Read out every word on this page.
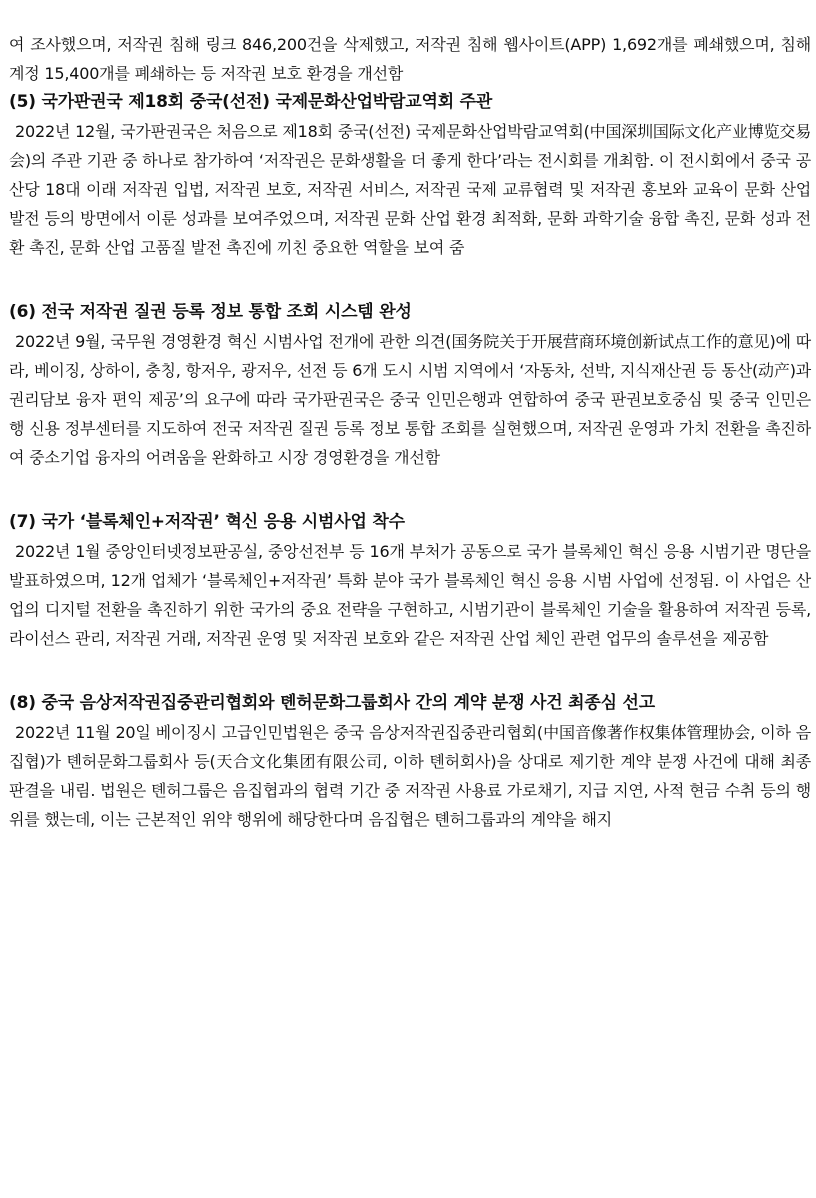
여 조사했으며, 저작권 침해 링크 846,200건을 삭제했고, 저작권 침해 웹사이트(APP) 1,692개를 폐쇄했으며, 침해 계정 15,400개를 폐쇄하는 등 저작권 보호 환경을 개선함

(5) 국가판권국 제18회 중국(선전) 국제문화산업박람교역회 주관

2022년 12월, 국가판권국은 처음으로 제18회 중국(선전) 국제문화산업박람교역회(中国深圳国际文化产业博览交易会)의 주관 기관 중 하나로 참가하여 ‘저작권은 문화생활을 더 좋게 한다’라는 전시회를 개최함. 이 전시회에서 중국 공산당 18대 이래 저작권 입법, 저작권 보호, 저작권 서비스, 저작권 국제 교류협력 및 저작권 홍보와 교육이 문화 산업 발전 등의 방면에서 이룬 성과를 보여주었으며, 저작권 문화 산업 환경 최적화, 문화 과학기술 융합 촉진, 문화 성과 전환 촉진, 문화 산업 고품질 발전 촉진에 끼친 중요한 역할을 보여 줌

(6) 전국 저작권 질권 등록 정보 통합 조회 시스템 완성

2022년 9월, 국무원 경영환경 혁신 시범사업 전개에 관한 의견(国务院关于开展营商环境创新试点工作的意见)에 따라, 베이징, 상하이, 충칭, 항저우, 광저우, 선전 등 6개 도시 시범 지역에서 ‘자동차, 선박, 지식재산권 등 동산(动产)과 권리담보 융자 편익 제공’의 요구에 따라 국가판권국은 중국 인민은행과 연합하여 중국 판권보호중심 및 중국 인민은행 신용 정부센터를 지도하여 전국 저작권 질권 등록 정보 통합 조회를 실현했으며, 저작권 운영과 가치 전환을 촉진하여 중소기업 융자의 어려움을 완화하고 시장 경영환경을 개선함

(7) 국가 ‘블록체인+저작권’ 혁신 응용 시범사업 착수

2022년 1월 중앙인터넷정보판공실, 중앙선전부 등 16개 부처가 공동으로 국가 블록체인 혁신 응용 시범기관 명단을 발표하였으며, 12개 업체가 ‘블록체인+저작권’ 특화 분야 국가 블록체인 혁신 응용 시범 사업에 선정됨. 이 사업은 산업의 디지털 전환을 촉진하기 위한 국가의 중요 전략을 구현하고, 시범기관이 블록체인 기술을 활용하여 저작권 등록, 라이선스 관리, 저작권 거래, 저작권 운영 및 저작권 보호와 같은 저작권 산업 체인 관련 업무의 솔루션을 제공함

(8) 중국 음상저작권집중관리협회와 톈허문화그룹회사 간의 계약 분쟁 사건 최종심 선고

2022년 11월 20일 베이징시 고급인민법원은 중국 음상저작권집중관리협회(中国音像著作权集体管理协会, 이하 음집협)가 톈허문화그룹회사 등(天合文化集团有限公司, 이하 톈허회사)을 상대로 제기한 계약 분쟁 사건에 대해 최종 판결을 내림. 법원은 톈허그룹은 음집협과의 협력 기간 중 저작권 사용료 가로채기, 지급 지연, 사적 현금 수취 등의 행위를 했는데, 이는 근본적인 위약 행위에 해당한다며 음집협은 톈허그룹과의 계약을 해지
